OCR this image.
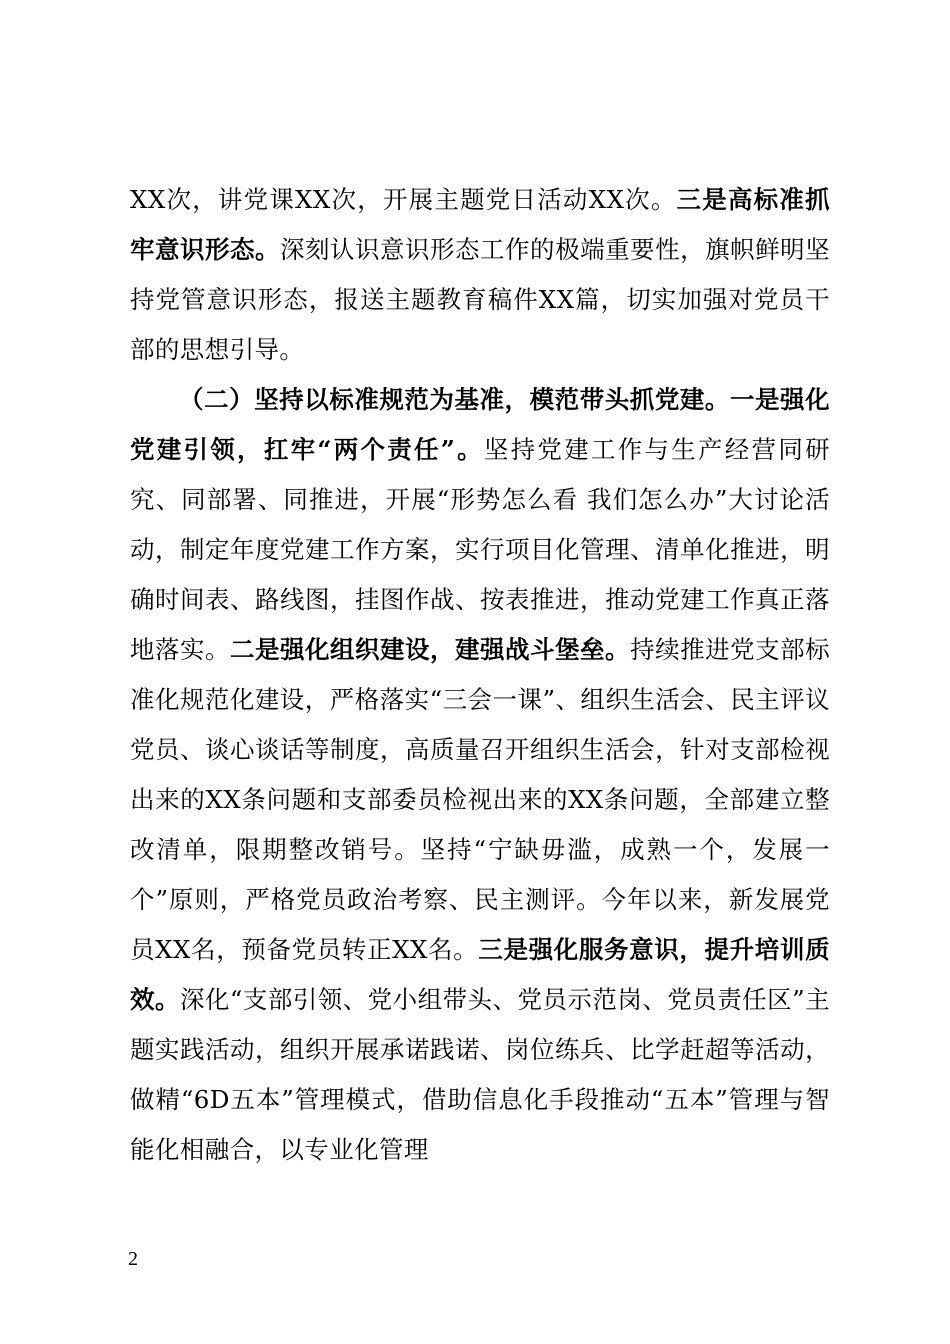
XX次，讲党课XX次，开展主题党日活动XX次。三是高标准抓牢意识形态。深刻认识意识形态工作的极端重要性，旗帜鲜明坚持党管意识形态，报送主题教育稿件XX篇，切实加强对党员干部的思想引导。

（二）坚持以标准规范为基准，模范带头抓党建。一是强化党建引领，扛牢“两个责任”。坚持党建工作与生产经营同研究、同部署、同推进，开展“形势怎么看 我们怎么办”大讨论活动，制定年度党建工作方案，实行项目化管理、清单化推进，明确时间表、路线图，挂图作战、按表推进，推动党建工作真正落地落实。二是强化组织建设，建强战斗堡垒。持续推进党支部标准化规范化建设，严格落实“三会一课”、组织生活会、民主评议党员、谈心谈话等制度，高质量召开组织生活会，针对支部检视出来的XX条问题和支部委员检视出来的XX条问题，全部建立整改清单，限期整改销号。坚持“宁缺毋滥，成熟一个，发展一个”原则，严格党员政治考察、民主测评。今年以来，新发展党员XX名，预备党员转正XX名。三是强化服务意识，提升培训质效。深化“支部引领、党小组带头、党员示范岗、党员责任区”主题实践活动，组织开展承诺践诺、岗位练兵、比学赶超等活动，做精“6D五本”管理模式，借助信息化手段推动“五本”管理与智能化相融合，以专业化管理

2
